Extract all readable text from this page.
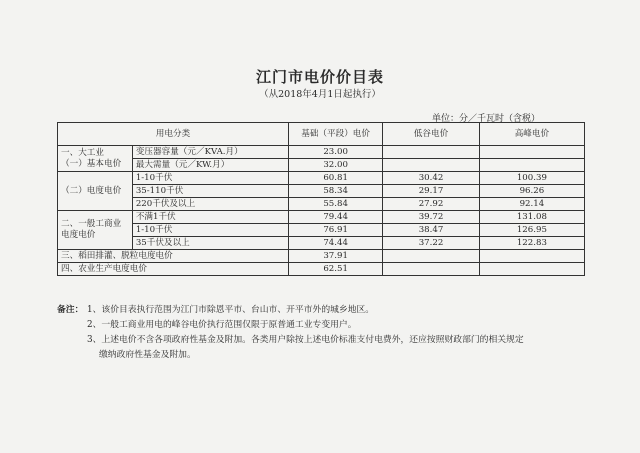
江门市电价价目表
（从2018年4月1日起执行）
单位：分／千瓦时（含税）
用电分类		基础（平段）电价	低谷电价	高峰电价

一、大工业
（一）基本电价	变压器容量（元／KVA.月）	23.00		
	最大需量（元／KW.月）	32.00		
（二）电度电价	1-10千伏	60.81	30.42	100.39
	35-110千伏	58.34	29.17	96.26
	220千伏及以上	55.84	27.92	92.14
二、一般工商业电度电价	不满1千伏	79.44	39.72	131.08
	1-10千伏	76.91	38.47	126.95
	35千伏及以上	74.44	37.22	122.83
三、稻田排灌、脱粒电度电价		37.91		
四、农业生产电度电价		62.51		
备注： 1、该价目表执行范围为江门市除恩平市、台山市、开平市外的城乡地区。
2、一般工商业用电的峰谷电价执行范围仅限于原普通工业专变用户。
3、上述电价不含各项政府性基金及附加。各类用户除按上述电价标准支付电费外，还应按照财政部门的相关规定
缴纳政府性基金及附加。
